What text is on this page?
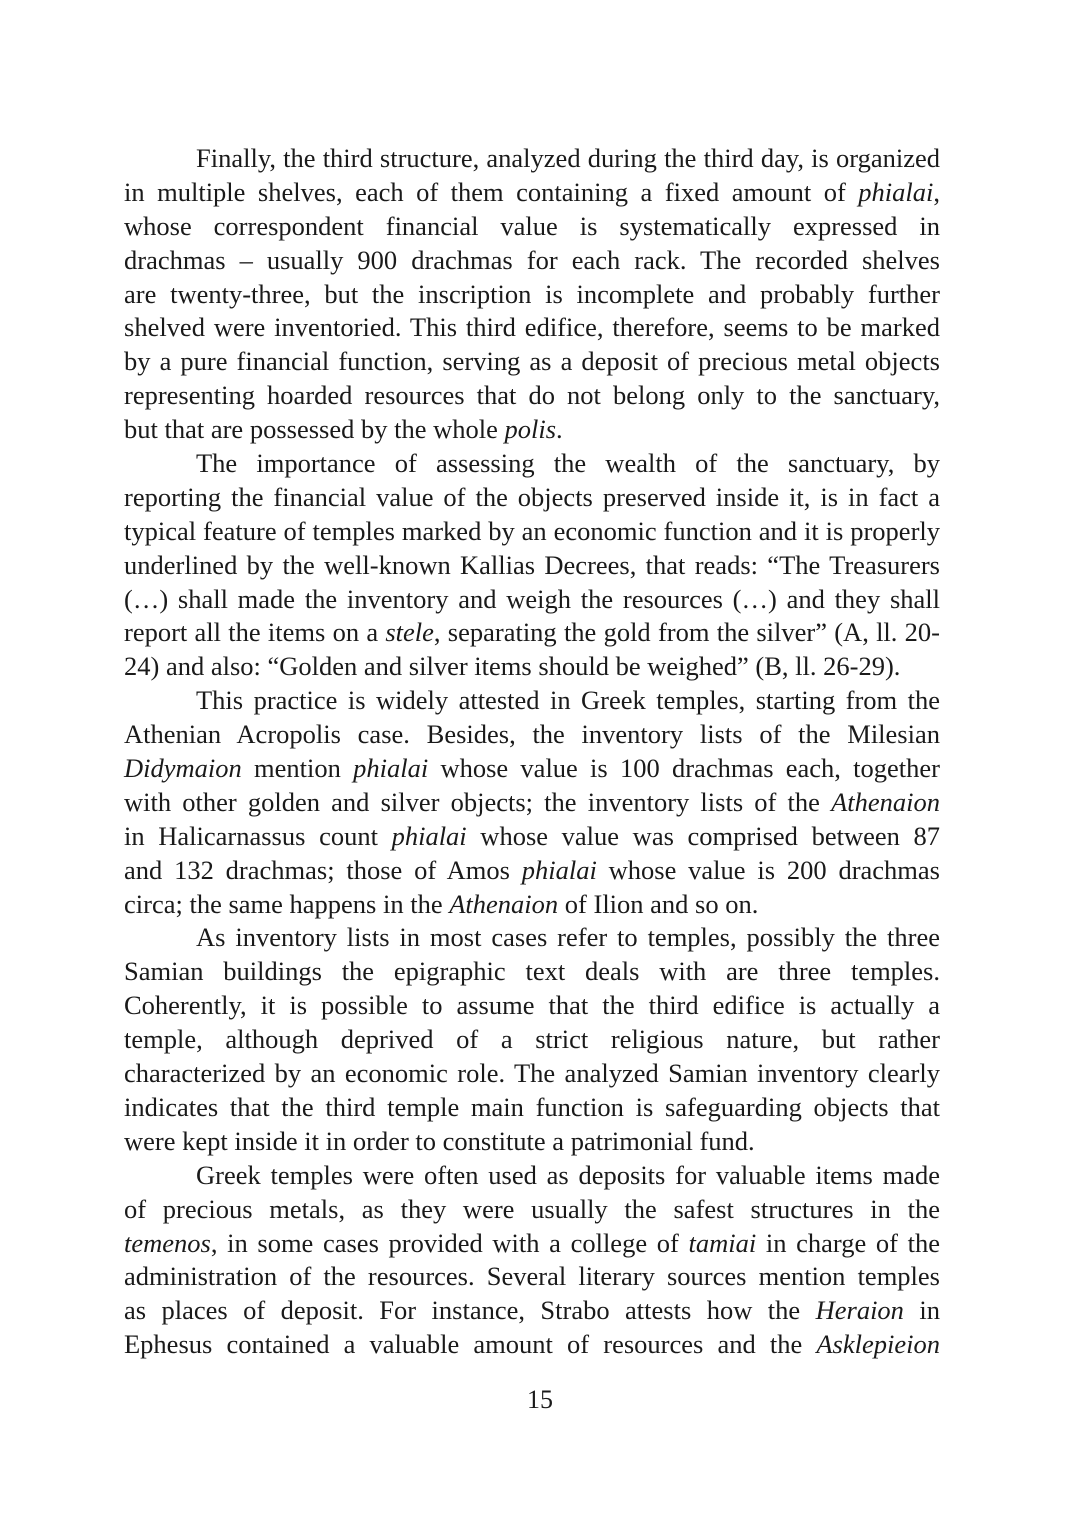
Finally, the third structure, analyzed during the third day, is organized
in multiple shelves, each of them containing a fixed amount of phialai,
whose correspondent financial value is systematically expressed in
drachmas – usually 900 drachmas for each rack. The recorded shelves
are twenty-three, but the inscription is incomplete and probably further
shelved were inventoried. This third edifice, therefore, seems to be marked
by a pure financial function, serving as a deposit of precious metal objects
representing hoarded resources that do not belong only to the sanctuary,
but that are possessed by the whole polis.
The importance of assessing the wealth of the sanctuary, by
reporting the financial value of the objects preserved inside it, is in fact a
typical feature of temples marked by an economic function and it is properly
underlined by the well-known Kallias Decrees, that reads: “The Treasurers
(…) shall made the inventory and weigh the resources (…) and they shall
report all the items on a stele, separating the gold from the silver” (A, ll. 20-
24) and also: “Golden and silver items should be weighed” (B, ll. 26-29).
This practice is widely attested in Greek temples, starting from the
Athenian Acropolis case. Besides, the inventory lists of the Milesian
Didymaion mention phialai whose value is 100 drachmas each, together
with other golden and silver objects; the inventory lists of the Athenaion
in Halicarnassus count phialai whose value was comprised between 87
and 132 drachmas; those of Amos phialai whose value is 200 drachmas
circa; the same happens in the Athenaion of Ilion and so on.
As inventory lists in most cases refer to temples, possibly the three
Samian buildings the epigraphic text deals with are three temples.
Coherently, it is possible to assume that the third edifice is actually a
temple, although deprived of a strict religious nature, but rather
characterized by an economic role. The analyzed Samian inventory clearly
indicates that the third temple main function is safeguarding objects that
were kept inside it in order to constitute a patrimonial fund.
Greek temples were often used as deposits for valuable items made
of precious metals, as they were usually the safest structures in the
temenos, in some cases provided with a college of tamiai in charge of the
administration of the resources. Several literary sources mention temples
as places of deposit. For instance, Strabo attests how the Heraion in
Ephesus contained a valuable amount of resources and the Asklepieion
15
